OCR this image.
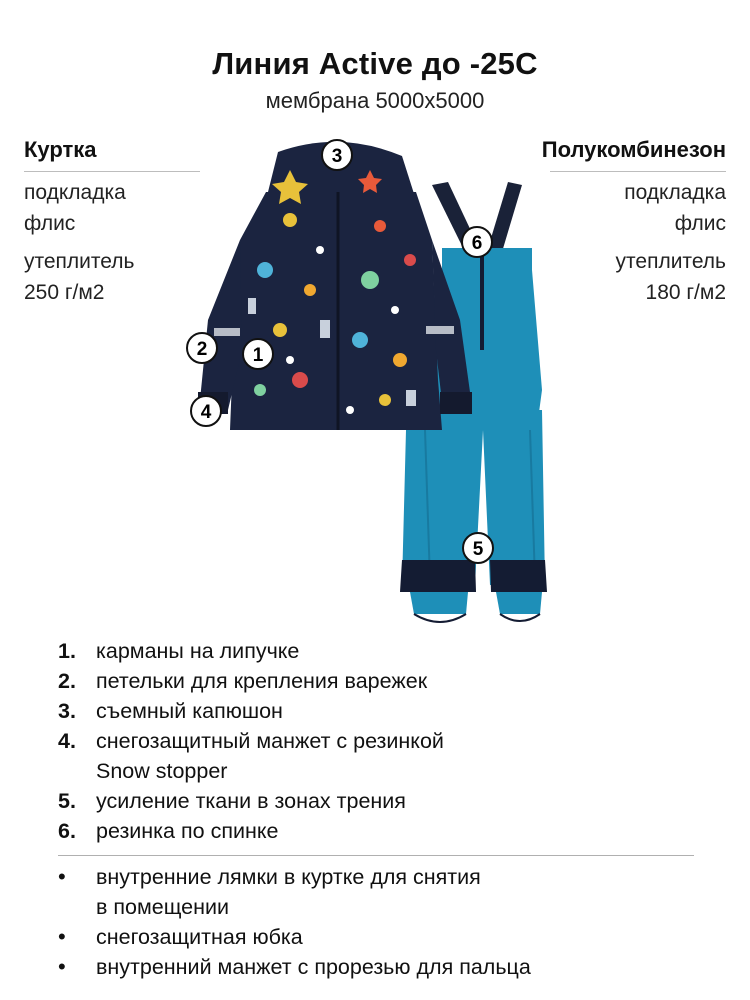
Линия Active до -25С
мембрана 5000х5000
Куртка
подкладка
флис
утеплитель
250 г/м2
Полукомбинезон
подкладка
флис
утеплитель
180 г/м2
1
2
3
4
5
6
1. карманы на липучке
2. петельки для крепления варежек
3. съемный капюшон
4. снегозащитный манжет с резинкой
Snow stopper
5. усиление ткани в зонах трения
6. резинка по спинке
•	внутренние лямки в куртке для снятия
в помещении
•	снегозащитная юбка
•	внутренний манжет с прорезью для пальца
